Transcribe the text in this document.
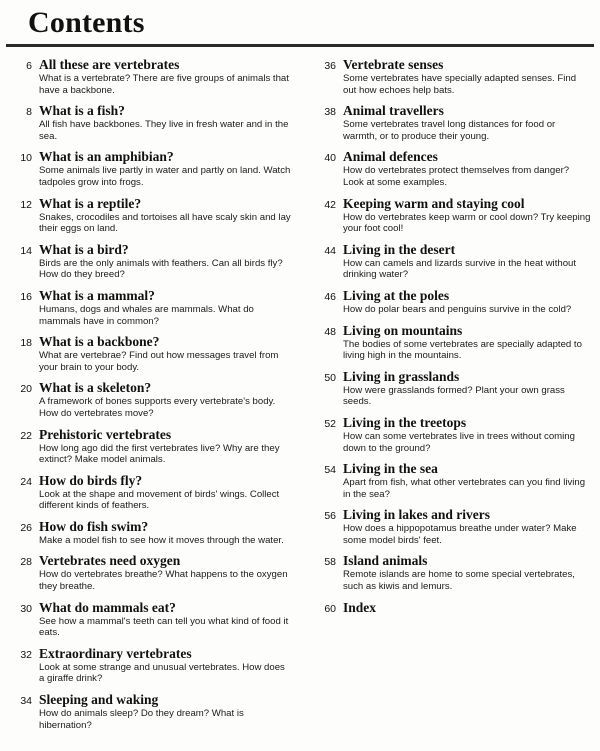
Contents
6 All these are vertebrates
What is a vertebrate? There are five groups of animals that have a backbone.
8 What is a fish?
All fish have backbones. They live in fresh water and in the sea.
10 What is an amphibian?
Some animals live partly in water and partly on land. Watch tadpoles grow into frogs.
12 What is a reptile?
Snakes, crocodiles and tortoises all have scaly skin and lay their eggs on land.
14 What is a bird?
Birds are the only animals with feathers. Can all birds fly? How do they breed?
16 What is a mammal?
Humans, dogs and whales are mammals. What do mammals have in common?
18 What is a backbone?
What are vertebrae? Find out how messages travel from your brain to your body.
20 What is a skeleton?
A framework of bones supports every vertebrate's body. How do vertebrates move?
22 Prehistoric vertebrates
How long ago did the first vertebrates live? Why are they extinct? Make model animals.
24 How do birds fly?
Look at the shape and movement of birds' wings. Collect different kinds of feathers.
26 How do fish swim?
Make a model fish to see how it moves through the water.
28 Vertebrates need oxygen
How do vertebrates breathe? What happens to the oxygen they breathe.
30 What do mammals eat?
See how a mammal's teeth can tell you what kind of food it eats.
32 Extraordinary vertebrates
Look at some strange and unusual vertebrates. How does a giraffe drink?
34 Sleeping and waking
How do animals sleep? Do they dream? What is hibernation?
36 Vertebrate senses
Some vertebrates have specially adapted senses. Find out how echoes help bats.
38 Animal travellers
Some vertebrates travel long distances for food or warmth, or to produce their young.
40 Animal defences
How do vertebrates protect themselves from danger? Look at some examples.
42 Keeping warm and staying cool
How do vertebrates keep warm or cool down? Try keeping your foot cool!
44 Living in the desert
How can camels and lizards survive in the heat without drinking water?
46 Living at the poles
How do polar bears and penguins survive in the cold?
48 Living on mountains
The bodies of some vertebrates are specially adapted to living high in the mountains.
50 Living in grasslands
How were grasslands formed? Plant your own grass seeds.
52 Living in the treetops
How can some vertebrates live in trees without coming down to the ground?
54 Living in the sea
Apart from fish, what other vertebrates can you find living in the sea?
56 Living in lakes and rivers
How does a hippopotamus breathe under water? Make some model birds' feet.
58 Island animals
Remote islands are home to some special vertebrates, such as kiwis and lemurs.
60 Index
